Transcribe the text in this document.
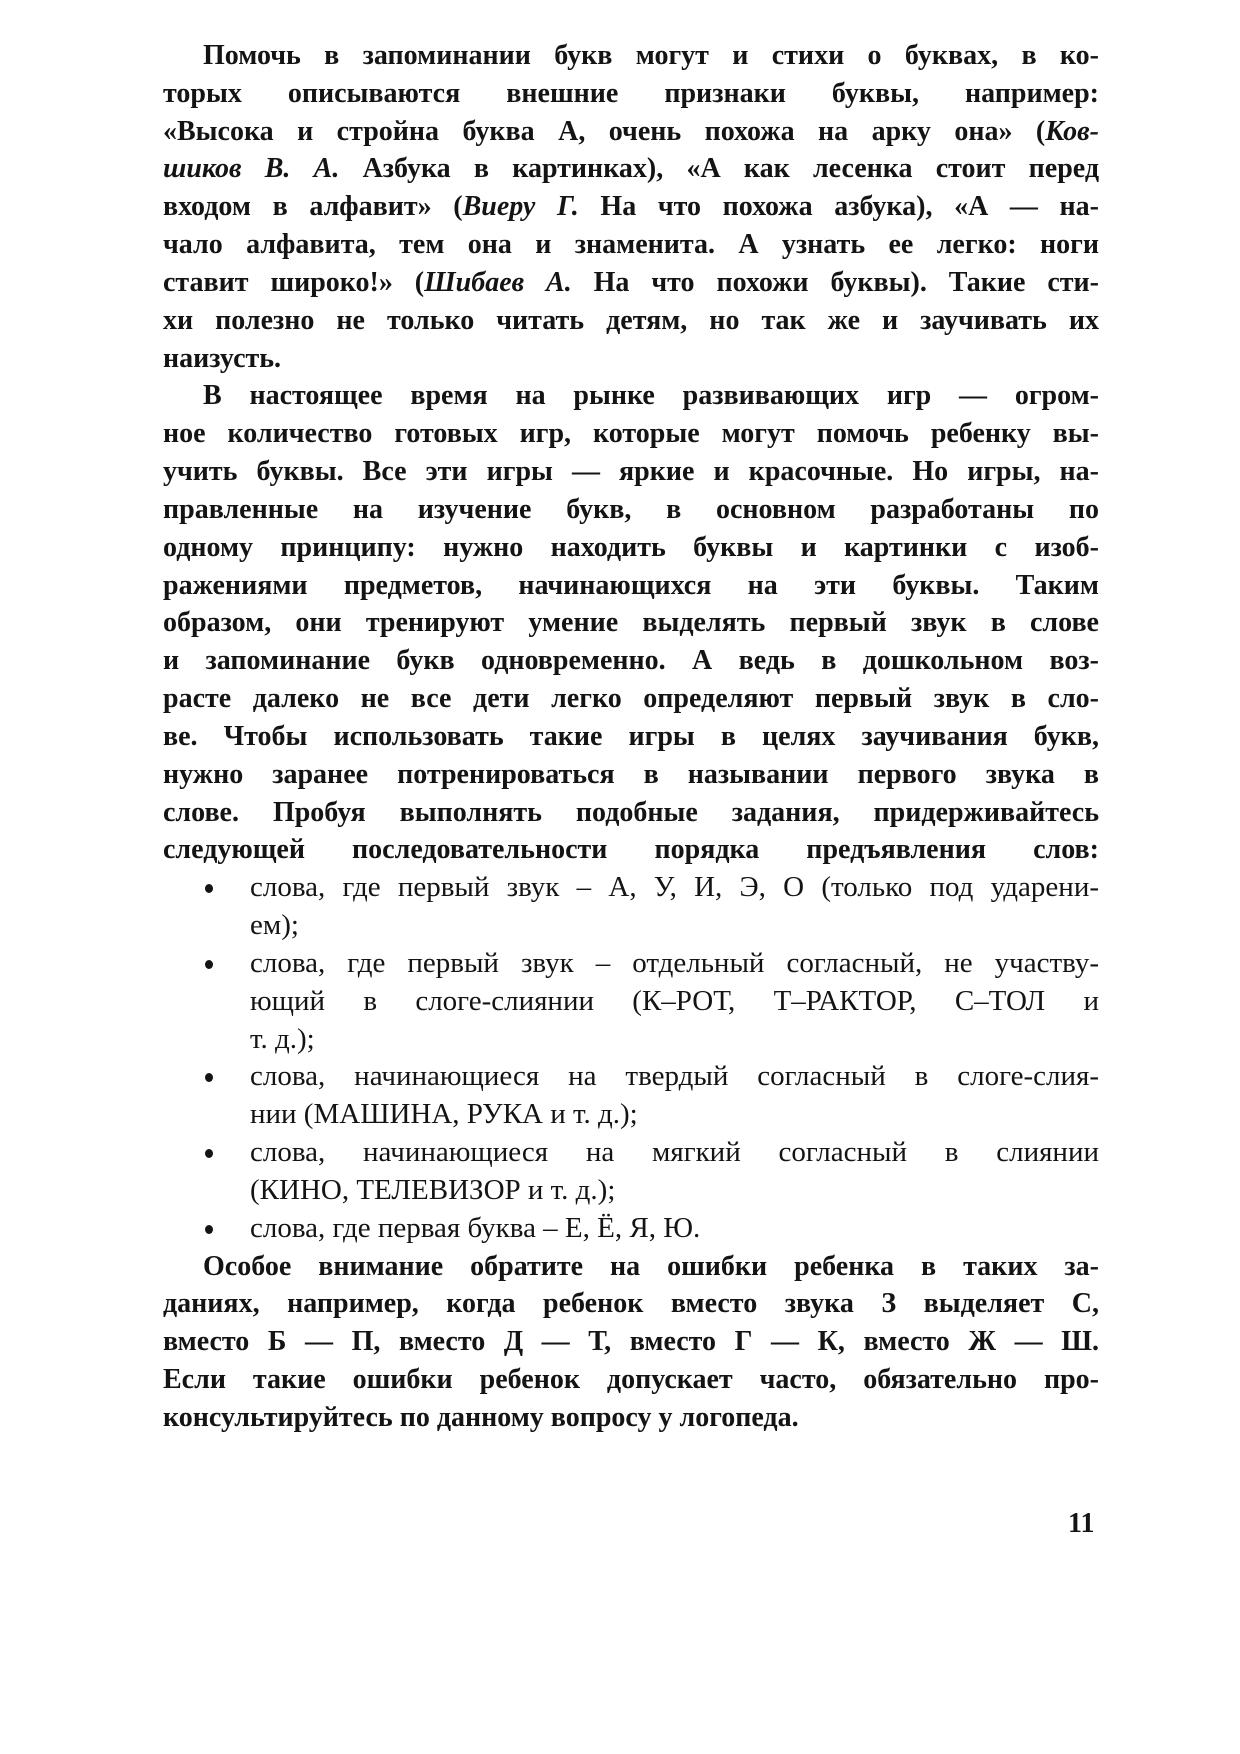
Помочь в запоминании букв могут и стихи о буквах, в ко-
торых описываются внешние признаки буквы, например:
«Высока и стройна буква А, очень похожа на арку она» (Ков-
шиков В. А. Азбука в картинках), «А как лесенка стоит перед
входом в алфавит» (Виеру Г. На что похожа азбука), «А — на-
чало алфавита, тем она и знаменита. А узнать ее легко: ноги
ставит широко!» (Шибаев А. На что похожи буквы). Такие сти-
хи полезно не только читать детям, но так же и заучивать их
наизусть.
В настоящее время на рынке развивающих игр — огром-
ное количество готовых игр, которые могут помочь ребенку вы-
учить буквы. Все эти игры — яркие и красочные. Но игры, на-
правленные на изучение букв, в основном разработаны по
одному принципу: нужно находить буквы и картинки с изоб-
ражениями предметов, начинающихся на эти буквы. Таким
образом, они тренируют умение выделять первый звук в слове
и запоминание букв одновременно. А ведь в дошкольном воз-
расте далеко не все дети легко определяют первый звук в сло-
ве. Чтобы использовать такие игры в целях заучивания букв,
нужно заранее потренироваться в назывании первого звука в
слове. Пробуя выполнять подобные задания, придерживайтесь
следующей последовательности порядка предъявления слов:
слова, где первый звук – А, У, И, Э, О (только под ударени-
ем);
слова, где первый звук – отдельный согласный, не участву-
ющий в слоге-слиянии (К–РОТ, Т–РАКТОР, С–ТОЛ и
т. д.);
слова, начинающиеся на твердый согласный в слоге-слия-
нии (МАШИНА, РУКА и т. д.);
слова, начинающиеся на мягкий согласный в слиянии
(КИНО, ТЕЛЕВИЗОР и т. д.);
слова, где первая буква – Е, Ё, Я, Ю.
Особое внимание обратите на ошибки ребенка в таких за-
даниях, например, когда ребенок вместо звука З выделяет С,
вместо Б — П, вместо Д — Т, вместо Г — К, вместо Ж — Ш.
Если такие ошибки ребенок допускает часто, обязательно про-
консультируйтесь по данному вопросу у логопеда.
11
